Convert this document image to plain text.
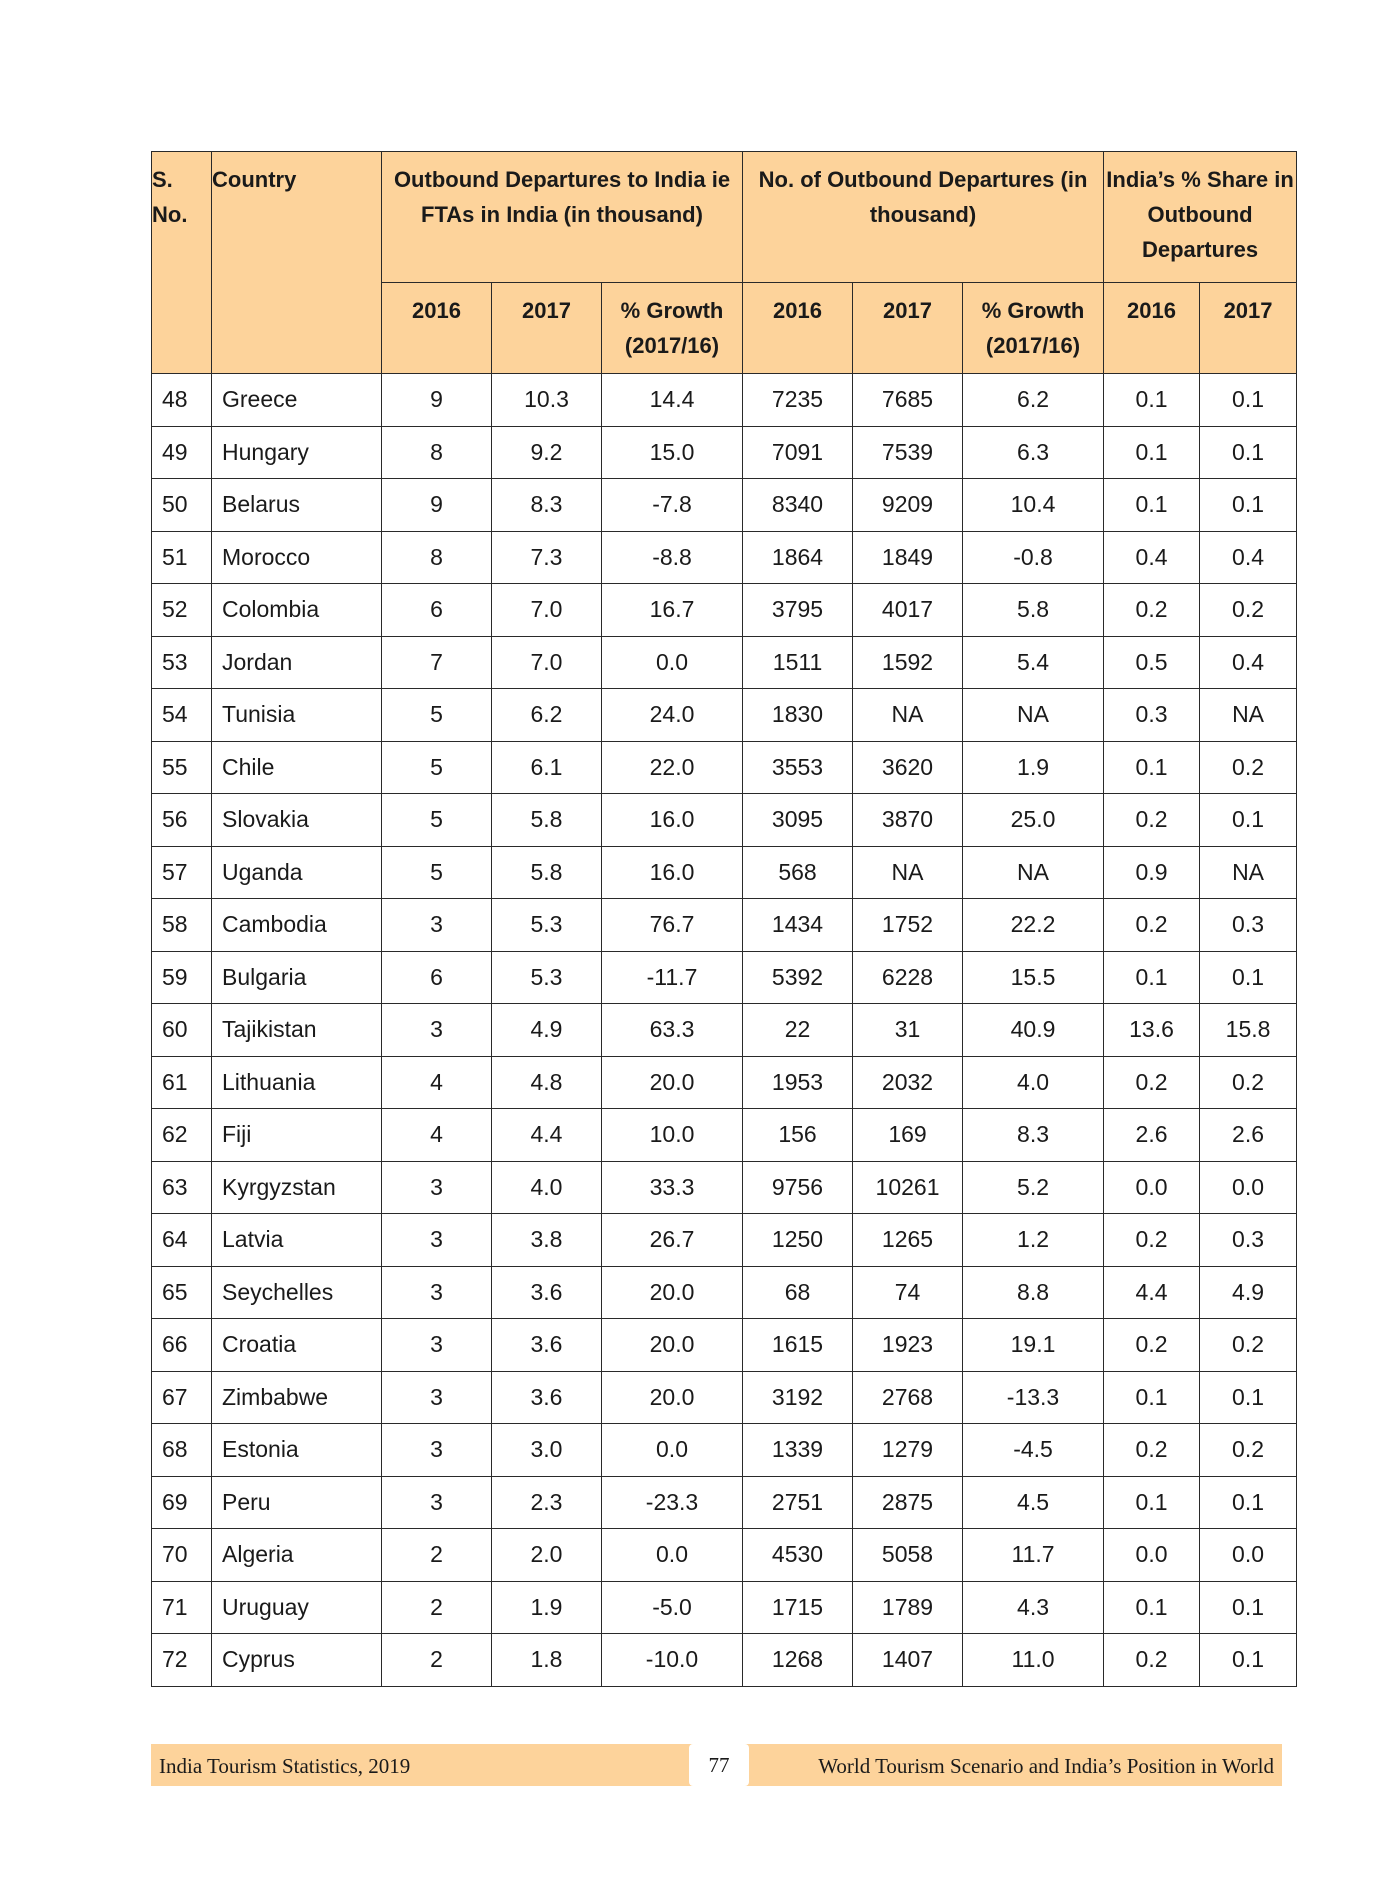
S. No.	Country	Outbound Departures to India ie FTAs in India (in thousand)			No. of Outbound Departures (in thousand)			India’s % Share in Outbound Departures	
		2016	2017	% Growth (2017/16)	2016	2017	% Growth (2017/16)	2016	2017
48	Greece	9	10.3	14.4	7235	7685	6.2	0.1	0.1
49	Hungary	8	9.2	15.0	7091	7539	6.3	0.1	0.1
50	Belarus	9	8.3	-7.8	8340	9209	10.4	0.1	0.1
51	Morocco	8	7.3	-8.8	1864	1849	-0.8	0.4	0.4
52	Colombia	6	7.0	16.7	3795	4017	5.8	0.2	0.2
53	Jordan	7	7.0	0.0	1511	1592	5.4	0.5	0.4
54	Tunisia	5	6.2	24.0	1830	NA	NA	0.3	NA
55	Chile	5	6.1	22.0	3553	3620	1.9	0.1	0.2
56	Slovakia	5	5.8	16.0	3095	3870	25.0	0.2	0.1
57	Uganda	5	5.8	16.0	568	NA	NA	0.9	NA
58	Cambodia	3	5.3	76.7	1434	1752	22.2	0.2	0.3
59	Bulgaria	6	5.3	-11.7	5392	6228	15.5	0.1	0.1
60	Tajikistan	3	4.9	63.3	22	31	40.9	13.6	15.8
61	Lithuania	4	4.8	20.0	1953	2032	4.0	0.2	0.2
62	Fiji	4	4.4	10.0	156	169	8.3	2.6	2.6
63	Kyrgyzstan	3	4.0	33.3	9756	10261	5.2	0.0	0.0
64	Latvia	3	3.8	26.7	1250	1265	1.2	0.2	0.3
65	Seychelles	3	3.6	20.0	68	74	8.8	4.4	4.9
66	Croatia	3	3.6	20.0	1615	1923	19.1	0.2	0.2
67	Zimbabwe	3	3.6	20.0	3192	2768	-13.3	0.1	0.1
68	Estonia	3	3.0	0.0	1339	1279	-4.5	0.2	0.2
69	Peru	3	2.3	-23.3	2751	2875	4.5	0.1	0.1
70	Algeria	2	2.0	0.0	4530	5058	11.7	0.0	0.0
71	Uruguay	2	1.9	-5.0	1715	1789	4.3	0.1	0.1
72	Cyprus	2	1.8	-10.0	1268	1407	11.0	0.2	0.1
India Tourism Statistics, 2019	77	World Tourism Scenario and India’s Position in World
